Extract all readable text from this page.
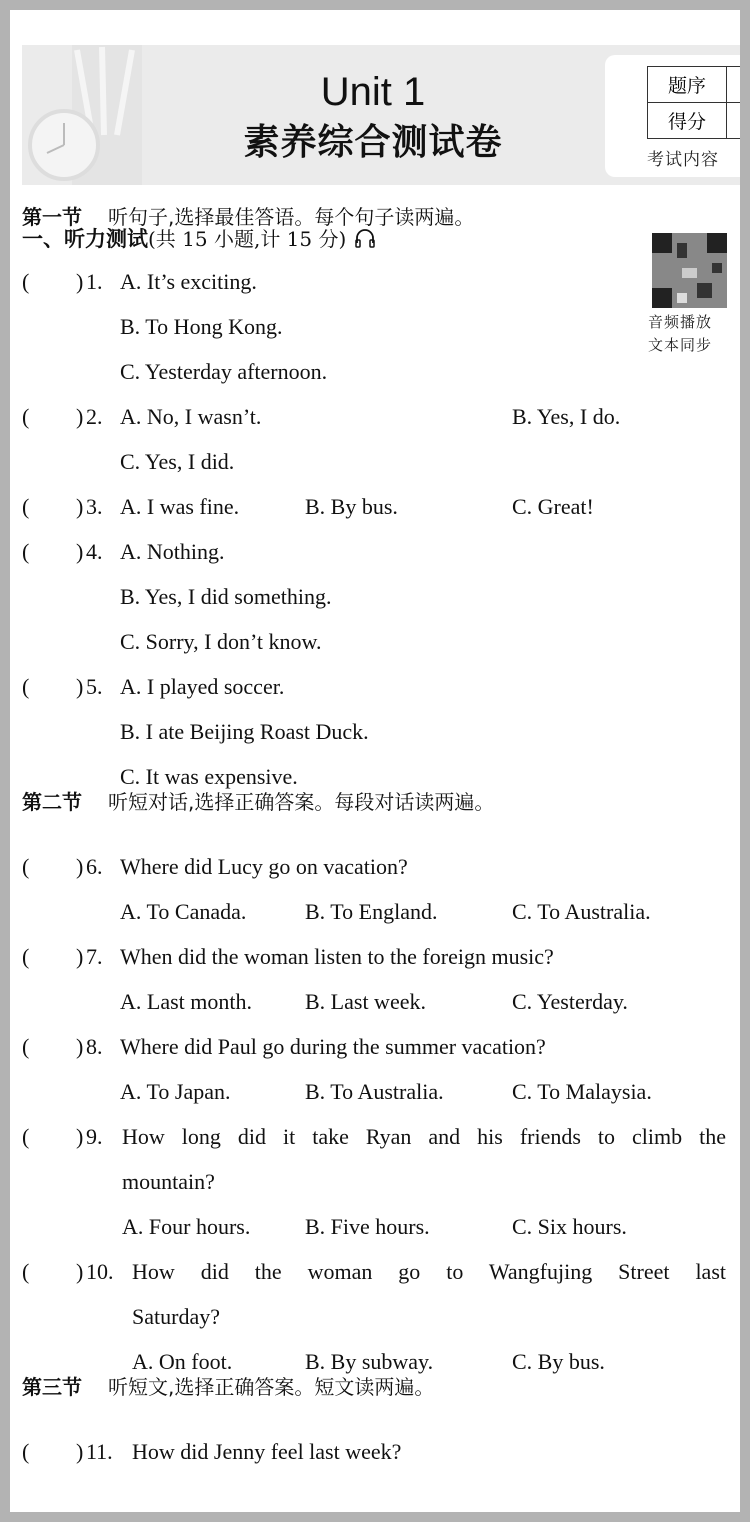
Unit 1
素养综合测试卷
题序	
得分	
考试内容
一、听力测试(共 15 小题,计 15 分)
音频播放
文本同步
第一节 听句子,选择最佳答语。每个句子读两遍。
( ) 1. A. It’s exciting.
B. To Hong Kong.
C. Yesterday afternoon.
( ) 2. A. No, I wasn’t.	B. Yes, I do.
C. Yes, I did.
( ) 3. A. I was fine.	B. By bus.	C. Great!
( ) 4. A. Nothing.
B. Yes, I did something.
C. Sorry, I don’t know.
( ) 5. A. I played soccer.
B. I ate Beijing Roast Duck.
C. It was expensive.
第二节 听短对话,选择正确答案。每段对话读两遍。
( ) 6. Where did Lucy go on vacation?
A. To Canada.	B. To England.	C. To Australia.
( ) 7. When did the woman listen to the foreign music?
A. Last month. B. Last week.	C. Yesterday.
( ) 8. Where did Paul go during the summer vacation?
A. To Japan.	B. To Australia.	C. To Malaysia.
( ) 9. How long did it take Ryan and his friends to climb the
mountain?
A. Four hours. B. Five hours.	C. Six hours.
( ) 10. How did the woman go to Wangfujing Street last
Saturday?
A. On foot.	B. By subway.	C. By bus.
第三节 听短文,选择正确答案。短文读两遍。
( ) 11. How did Jenny feel last week?
